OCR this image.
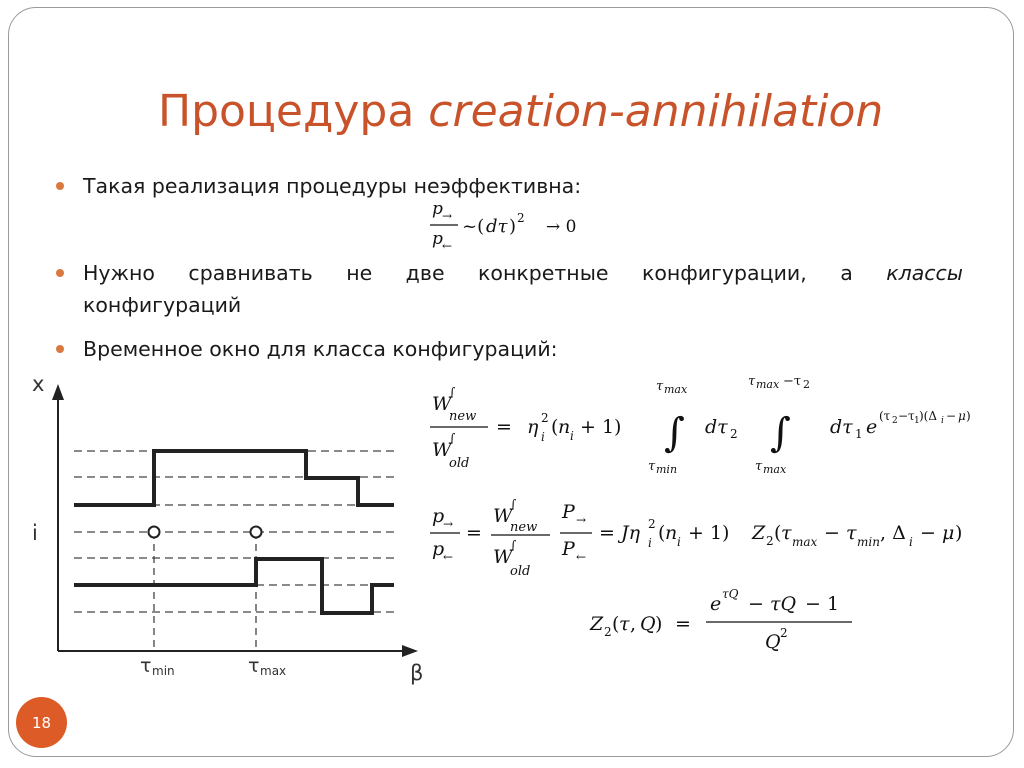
Процедура creation-annihilation
Такая реализация процедуры неэффективна:
Нужно сравнивать не две конкретные конфигурации, а классы
конфигураций
Временное окно для класса конфигураций:
p →
p ←
~( dτ ) 2 → 0
W
∫
new
W
∫
old
= η 2
i ( n i + 1)
τ max
∫
τ min
dτ 2
τ max −τ 2
∫
τ max
dτ 1 e (τ 2 −τ 1 )(Δ i − μ )
p
→
p
←
=
W
∫
new
W
∫
old
P →
P ←
= Jη 2
i ( n i + 1) Z 2 ( τ max − τ min , Δ i − μ )
Z 2 ( τ , Q ) =
e τQ − τQ − 1
Q 2
x
β
i
τ min	τ max
18
